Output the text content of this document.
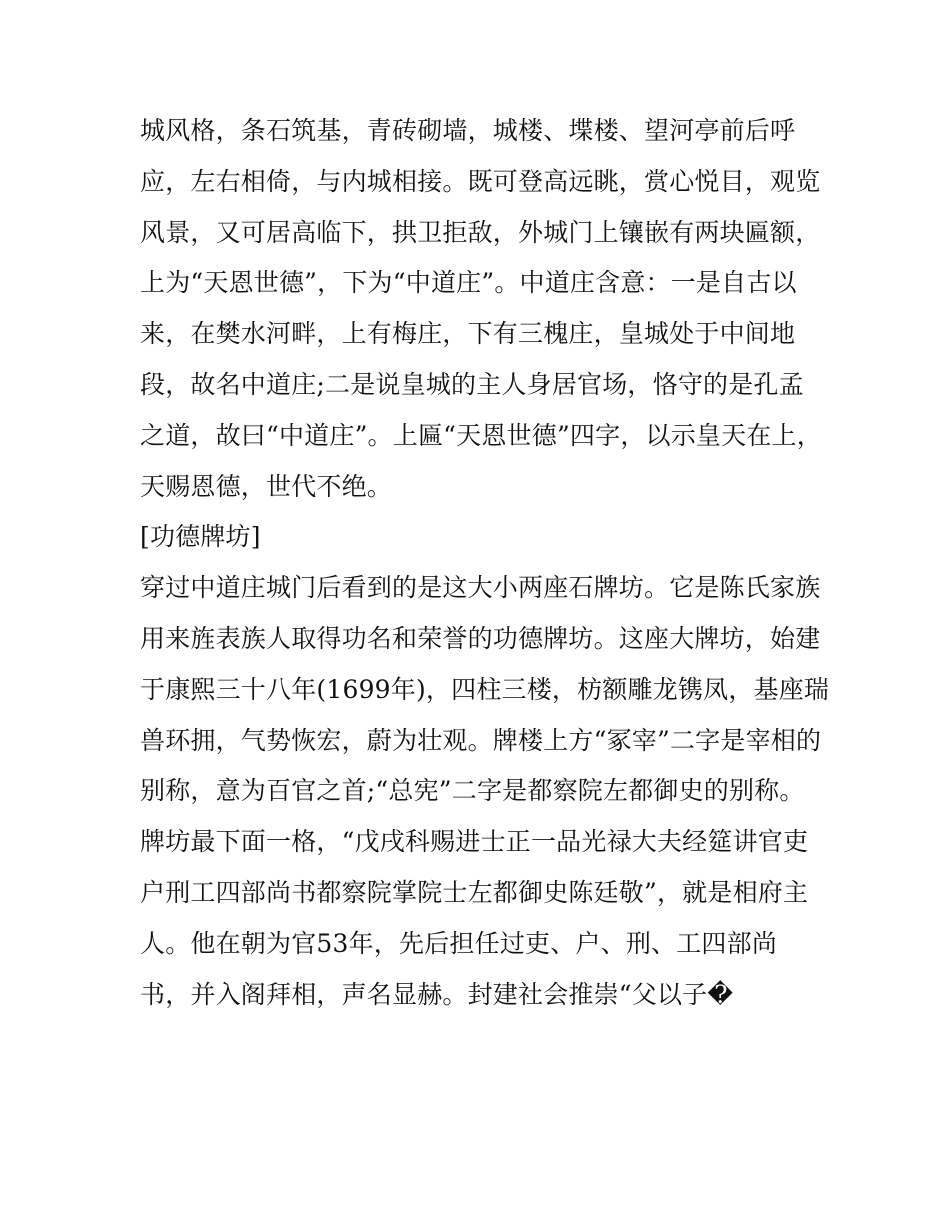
城风格，条石筑基，青砖砌墙，城楼、堞楼、望河亭前后呼
应，左右相倚，与内城相接。既可登高远眺，赏心悦目，观览
风景，又可居高临下，拱卫拒敌，外城门上镶嵌有两块匾额，
上为“天恩世德”，下为“中道庄”。中道庄含意：一是自古以
来，在樊水河畔，上有梅庄，下有三槐庄，皇城处于中间地
段，故名中道庄;二是说皇城的主人身居官场，恪守的是孔孟
之道，故曰“中道庄”。上匾“天恩世德”四字，以示皇天在上，
天赐恩德，世代不绝。
[功德牌坊]
穿过中道庄城门后看到的是这大小两座石牌坊。它是陈氏家族
用来旌表族人取得功名和荣誉的功德牌坊。这座大牌坊，始建
于康熙三十八年(1699年)，四柱三楼，枋额雕龙镌凤，基座瑞
兽环拥，气势恢宏，蔚为壮观。牌楼上方“冢宰”二字是宰相的
别称，意为百官之首;“总宪”二字是都察院左都御史的别称。
牌坊最下面一格，“戊戌科赐进士正一品光禄大夫经筵讲官吏
户刑工四部尚书都察院掌院士左都御史陈廷敬”，就是相府主
人。他在朝为官53年，先后担任过吏、户、刑、工四部尚
书，并入阁拜相，声名显赫。封建社会推崇“父以子�
